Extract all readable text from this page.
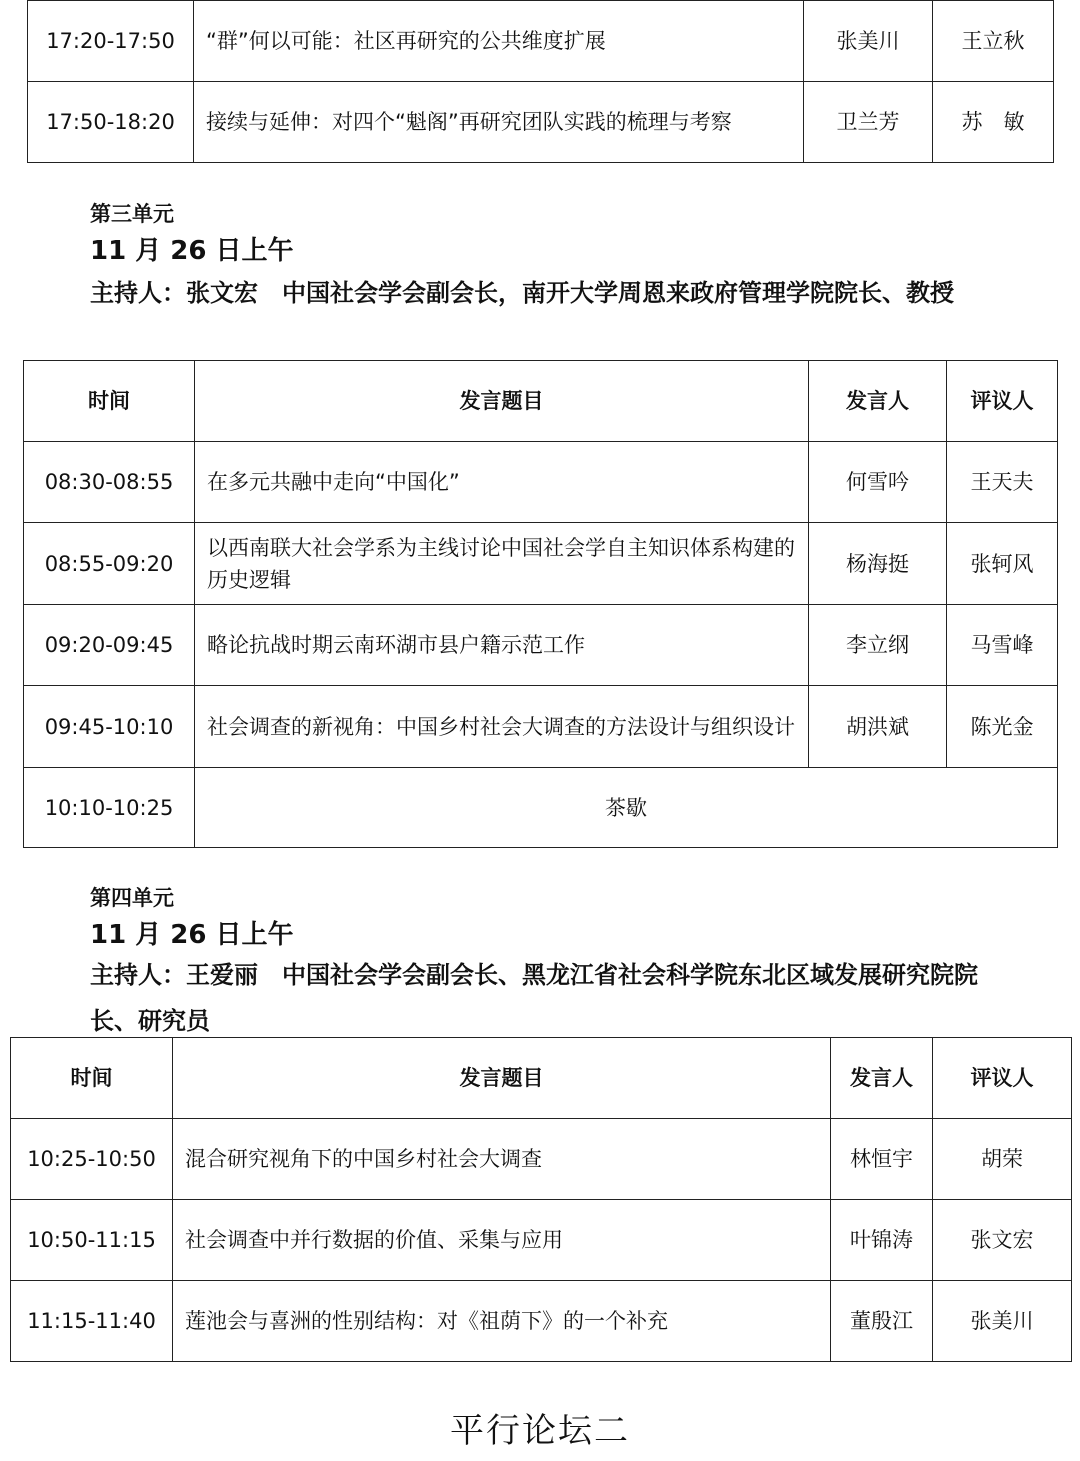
17:20-17:50	“群”何以可能：社区再研究的公共维度扩展	张美川	王立秋
17:50-18:20	接续与延伸：对四个“魁阁”再研究团队实践的梳理与考察	卫兰芳	苏　敏
第三单元
11 月 26 日上午
主持人：张文宏　中国社会学会副会长，南开大学周恩来政府管理学院院长、教授
时间	发言题目	发言人	评议人
08:30-08:55	在多元共融中走向“中国化”	何雪吟	王天夫
08:55-09:20	以西南联大社会学系为主线讨论中国社会学自主知识体系构建的历史逻辑	杨海挺	张轲风
09:20-09:45	略论抗战时期云南环湖市县户籍示范工作	李立纲	马雪峰
09:45-10:10	社会调查的新视角：中国乡村社会大调查的方法设计与组织设计	胡洪斌	陈光金
10:10-10:25	茶歇		
第四单元
11 月 26 日上午
主持人：王爱丽　中国社会学会副会长、黑龙江省社会科学院东北区域发展研究院院长、研究员
时间	发言题目	发言人	评议人
10:25-10:50	混合研究视角下的中国乡村社会大调查	林恒宇	胡荣
10:50-11:15	社会调查中并行数据的价值、采集与应用	叶锦涛	张文宏
11:15-11:40	莲池会与喜洲的性别结构：对《祖荫下》的一个补充	董殷江	张美川
平行论坛二
